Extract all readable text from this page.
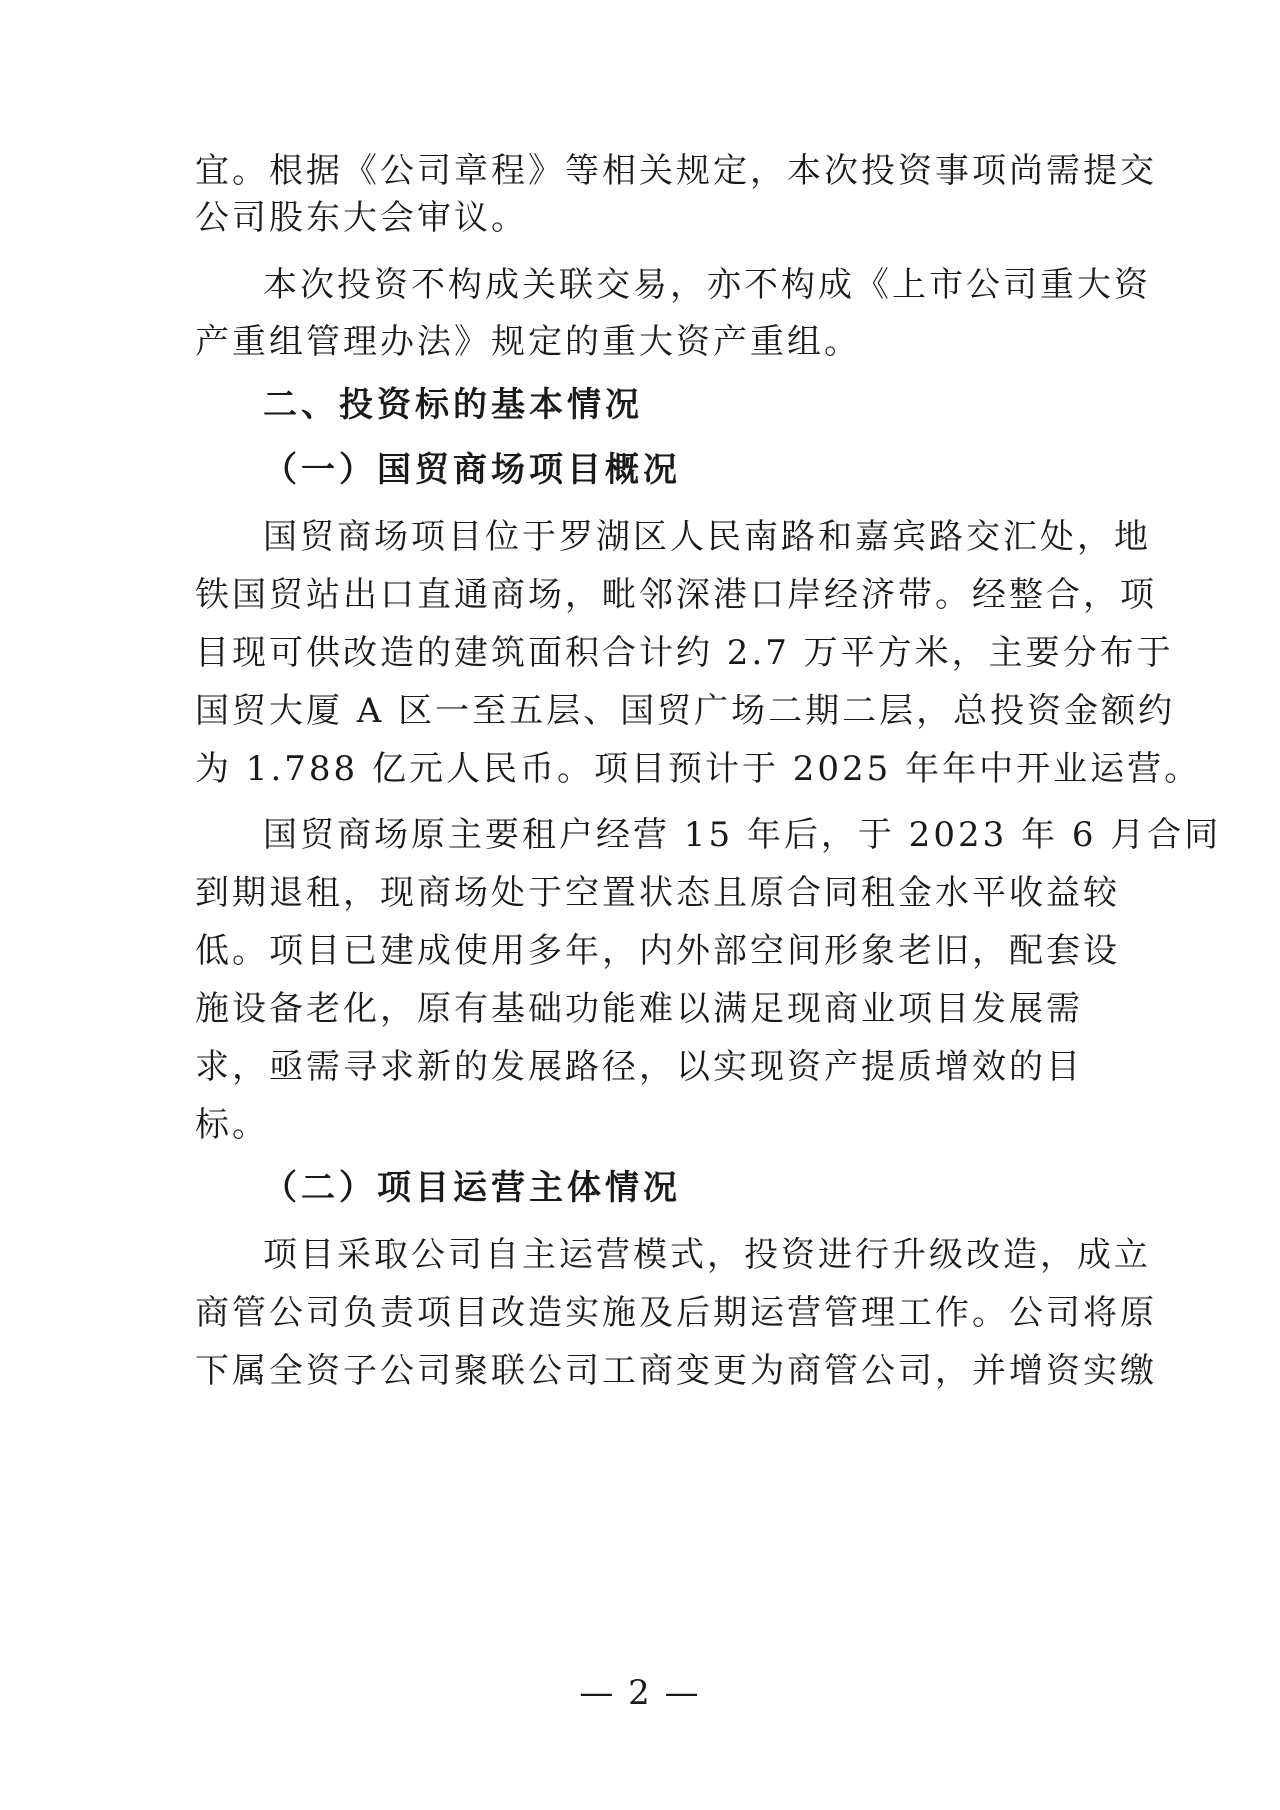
宜。根据《公司章程》等相关规定，本次投资事项尚需提交
公司股东大会审议。
本次投资不构成关联交易，亦不构成《上市公司重大资
产重组管理办法》规定的重大资产重组。
二、投资标的基本情况
（一）国贸商场项目概况
国贸商场项目位于罗湖区人民南路和嘉宾路交汇处，地
铁国贸站出口直通商场，毗邻深港口岸经济带。经整合，项
目现可供改造的建筑面积合计约 2.7 万平方米，主要分布于
国贸大厦 A 区一至五层、国贸广场二期二层，总投资金额约
为 1.788 亿元人民币。项目预计于 2025 年年中开业运营。
国贸商场原主要租户经营 15 年后，于 2023 年 6 月合同
到期退租，现商场处于空置状态且原合同租金水平收益较
低。项目已建成使用多年，内外部空间形象老旧，配套设
施设备老化，原有基础功能难以满足现商业项目发展需
求，亟需寻求新的发展路径，以实现资产提质增效的目
标。
（二）项目运营主体情况
项目采取公司自主运营模式，投资进行升级改造，成立
商管公司负责项目改造实施及后期运营管理工作。公司将原
下属全资子公司聚联公司工商变更为商管公司，并增资实缴
— 2 —
